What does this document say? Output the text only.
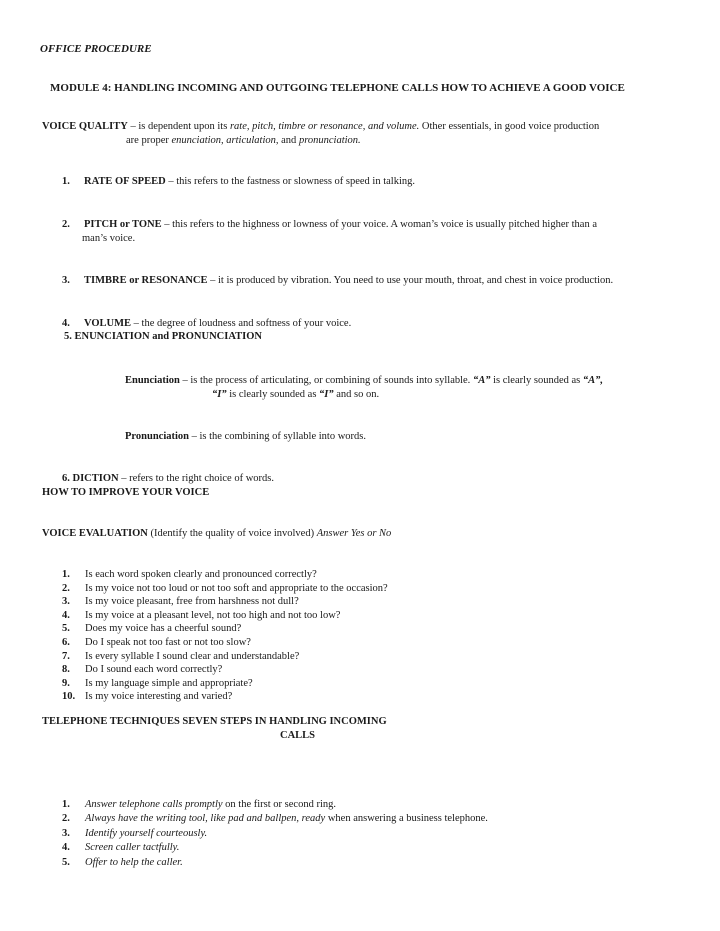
OFFICE PROCEDURE
MODULE 4: HANDLING INCOMING AND OUTGOING TELEPHONE CALLS HOW TO ACHIEVE A GOOD VOICE
VOICE QUALITY – is dependent upon its rate, pitch, timbre or resonance, and volume. Other essentials, in good voice production
are proper enunciation, articulation, and pronunciation.
1. RATE OF SPEED – this refers to the fastness or slowness of speed in talking.
2. PITCH or TONE – this refers to the highness or lowness of your voice. A woman’s voice is usually pitched higher than a
man’s voice.
3. TIMBRE or RESONANCE – it is produced by vibration. You need to use your mouth, throat, and chest in voice production.
4. VOLUME – the degree of loudness and softness of your voice.
5. ENUNCIATION and PRONUNCIATION
Enunciation – is the process of articulating, or combining of sounds into syllable. “A” is clearly sounded as “A”,
“I” is clearly sounded as “I” and so on.
Pronunciation – is the combining of syllable into words.
6. DICTION – refers to the right choice of words.
HOW TO IMPROVE YOUR VOICE
VOICE EVALUATION (Identify the quality of voice involved) Answer Yes or No
1. Is each word spoken clearly and pronounced correctly?
2. Is my voice not too loud or not too soft and appropriate to the occasion?
3. Is my voice pleasant, free from harshness not dull?
4. Is my voice at a pleasant level, not too high and not too low?
5. Does my voice has a cheerful sound?
6. Do I speak not too fast or not too slow?
7. Is every syllable I sound clear and understandable?
8. Do I sound each word correctly?
9. Is my language simple and appropriate?
10. Is my voice interesting and varied?
TELEPHONE TECHNIQUES SEVEN STEPS IN HANDLING INCOMING
CALLS
1. Answer telephone calls promptly on the first or second ring.
2. Always have the writing tool, like pad and ballpen, ready when answering a business telephone.
3. Identify yourself courteously.
4. Screen caller tactfully.
5. Offer to help the caller.
